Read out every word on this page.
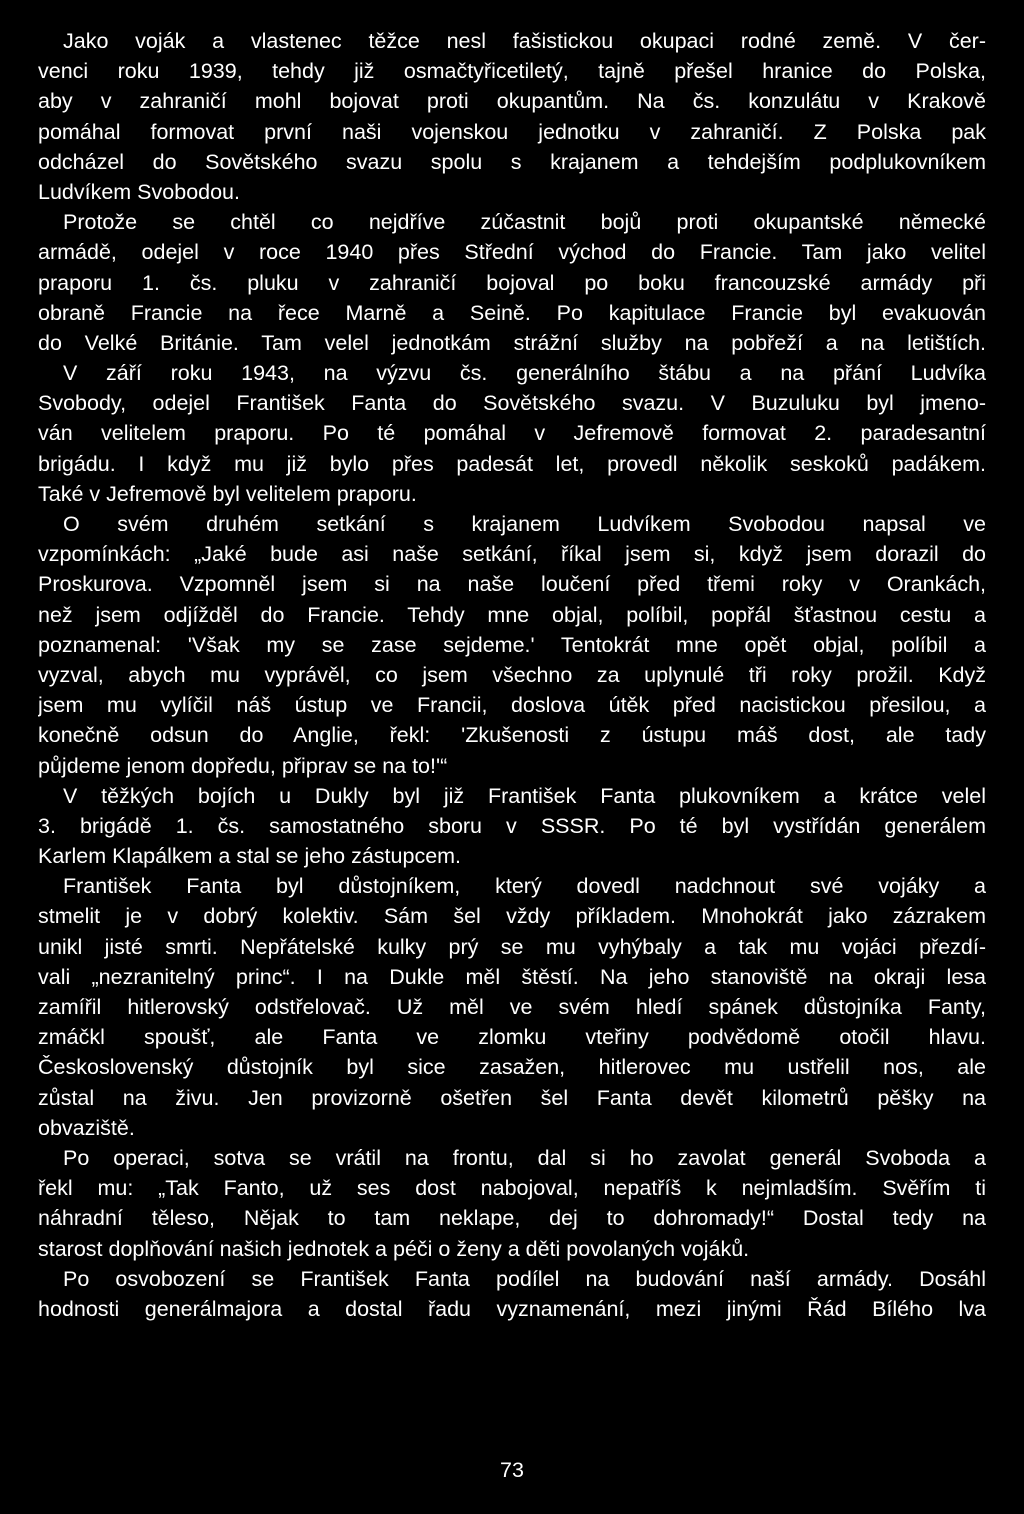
Jako voják a vlastenec těžce nesl fašistickou okupaci rodné země. V čer-
venci roku 1939, tehdy již osmačtyřicetiletý, tajně přešel hranice do Polska,
aby v zahraničí mohl bojovat proti okupantům. Na čs. konzulátu v Krakově
pomáhal formovat první naši vojenskou jednotku v zahraničí. Z Polska pak
odcházel do Sovětského svazu spolu s krajanem a tehdejším podplukovníkem
Ludvíkem Svobodou.
Protože se chtěl co nejdříve zúčastnit bojů proti okupantské německé
armádě, odejel v roce 1940 přes Střední východ do Francie. Tam jako velitel
praporu 1. čs. pluku v zahraničí bojoval po boku francouzské armády při
obraně Francie na řece Marně a Seině. Po kapitulace Francie byl evakuován
do Velké Británie. Tam velel jednotkám strážní služby na pobřeží a na letištích.
V září roku 1943, na výzvu čs. generálního štábu a na přání Ludvíka
Svobody, odejel František Fanta do Sovětského svazu. V Buzuluku byl jmeno-
ván velitelem praporu. Po té pomáhal v Jefremově formovat 2. paradesantní
brigádu. I když mu již bylo přes padesát let, provedl několik seskoků padákem.
Také v Jefremově byl velitelem praporu.
O svém druhém setkání s krajanem Ludvíkem Svobodou napsal ve
vzpomínkách: „Jaké bude asi naše setkání, říkal jsem si, když jsem dorazil do
Proskurova. Vzpomněl jsem si na naše loučení před třemi roky v Orankách,
než jsem odjížděl do Francie. Tehdy mne objal, políbil, popřál šťastnou cestu a
poznamenal: 'Však my se zase sejdeme.' Tentokrát mne opět objal, políbil a
vyzval, abych mu vyprávěl, co jsem všechno za uplynulé tři roky prožil. Když
jsem mu vylíčil náš ústup ve Francii, doslova útěk před nacistickou přesilou, a
konečně odsun do Anglie, řekl: 'Zkušenosti z ústupu máš dost, ale tady
půjdeme jenom dopředu, připrav se na to!'“
V těžkých bojích u Dukly byl již František Fanta plukovníkem a krátce velel
3. brigádě 1. čs. samostatného sboru v SSSR. Po té byl vystřídán generálem
Karlem Klapálkem a stal se jeho zástupcem.
František Fanta byl důstojníkem, který dovedl nadchnout své vojáky a
stmelit je v dobrý kolektiv. Sám šel vždy příkladem. Mnohokrát jako zázrakem
unikl jisté smrti. Nepřátelské kulky prý se mu vyhýbaly a tak mu vojáci přezdí-
vali „nezranitelný princ“. I na Dukle měl štěstí. Na jeho stanoviště na okraji lesa
zamířil hitlerovský odstřelovač. Už měl ve svém hledí spánek důstojníka Fanty,
zmáčkl spoušť, ale Fanta ve zlomku vteřiny podvědomě otočil hlavu.
Československý důstojník byl sice zasažen, hitlerovec mu ustřelil nos, ale
zůstal na živu. Jen provizorně ošetřen šel Fanta devět kilometrů pěšky na
obvaziště.
Po operaci, sotva se vrátil na frontu, dal si ho zavolat generál Svoboda a
řekl mu: „Tak Fanto, už ses dost nabojoval, nepatříš k nejmladším. Svěřím ti
náhradní těleso, Nějak to tam neklape, dej to dohromady!“ Dostal tedy na
starost doplňování našich jednotek a péči o ženy a děti povolaných vojáků.
Po osvobození se František Fanta podílel na budování naší armády. Dosáhl
hodnosti generálmajora a dostal řadu vyznamenání, mezi jinými Řád Bílého lva
73
